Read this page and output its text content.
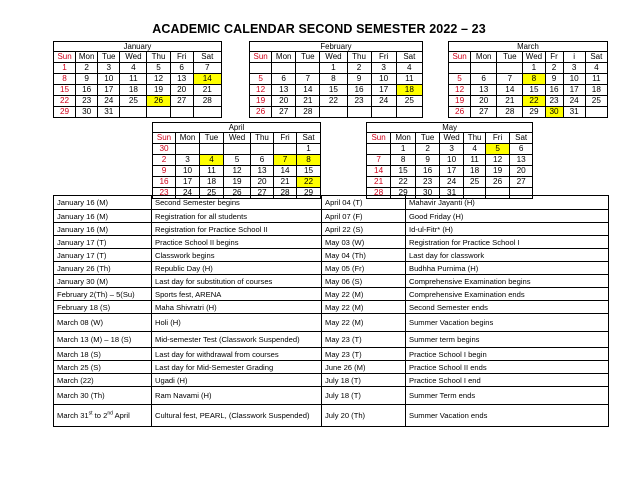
ACADEMIC CALENDAR SECOND SEMESTER 2022 – 23
January								February								March						
Sun	Mon	Tue	Wed	Thu	Fri	Sat		Sun	Mon	Tue	Wed	Thu	Fri	Sat		Sun	Mon	Tue	Wed	Fr	i	Sat
1	2	3	4	5	6	7					1	2	3	4					1	2	3	4
8	9	10	11	12	13	14		5	6	7	8	9	10	11		5	6	7	8	9	10	11
15	16	17	18	19	20	21		12	13	14	15	16	17	18		12	13	14	15	16	17	18
22	23	24	25	26	27	28		19	20	21	22	23	24	25		19	20	21	22	23	24	25
29	30	31						26	27	28						26	27	28	29	30	31	
April								May						
Sun	Mon	Tue	Wed	Thu	Fri	Sat		Sun	Mon	Tue	Wed	Thu	Fri	Sat
30						1			1	2	3	4	5	6
2	3	4	5	6	7	8		7	8	9	10	11	12	13
9	10	11	12	13	14	15		14	15	16	17	18	19	20
16	17	18	19	20	21	22		21	22	23	24	25	26	27
23	24	25	26	27	28	29		28	29	30	31			
January 16 (M)	Second Semester begins	April 04 (T)	Mahavir Jayanti (H)
January 16 (M)	Registration for all students	April 07 (F)	Good Friday (H)
January 16 (M)	Registration for Practice School II	April 22 (S)	Id-ul-Fitr* (H)
January 17 (T)	Practice School II begins	May 03 (W)	Registration for Practice School I
January 17 (T)	Classwork begins	May 04 (Th)	Last day for classwork
January 26 (Th)	Republic Day (H)	May 05 (Fr)	Budhha Purnima (H)
January 30 (M)	Last day for substitution of courses	May 06 (S)	Comprehensive Examination begins
February 2(Th) – 5(Su)	Sports fest, ARENA	May 22 (M)	Comprehensive Examination ends
February 18 (S)	Maha Shivratri (H)	May 22 (M)	Second Semester ends
March 08 (W)	Holi (H)	May 22 (M)	Summer Vacation begins
March 13 (M) – 18 (S)	Mid-semester Test (Classwork Suspended)	May 23 (T)	Summer term begins
March 18 (S)	Last day for withdrawal from courses	May 23 (T)	Practice School I begin
March 25 (S)	Last day for Mid-Semester Grading	June 26 (M)	Practice School II ends
March (22)	Ugadi (H)	July 18 (T)	Practice School I end
March 30 (Th)	Ram Navami (H)	July 18 (T)	Summer Term ends
March 31st to 2nd April	Cultural fest, PEARL, (Classwork Suspended)	July 20 (Th)	Summer Vacation ends
